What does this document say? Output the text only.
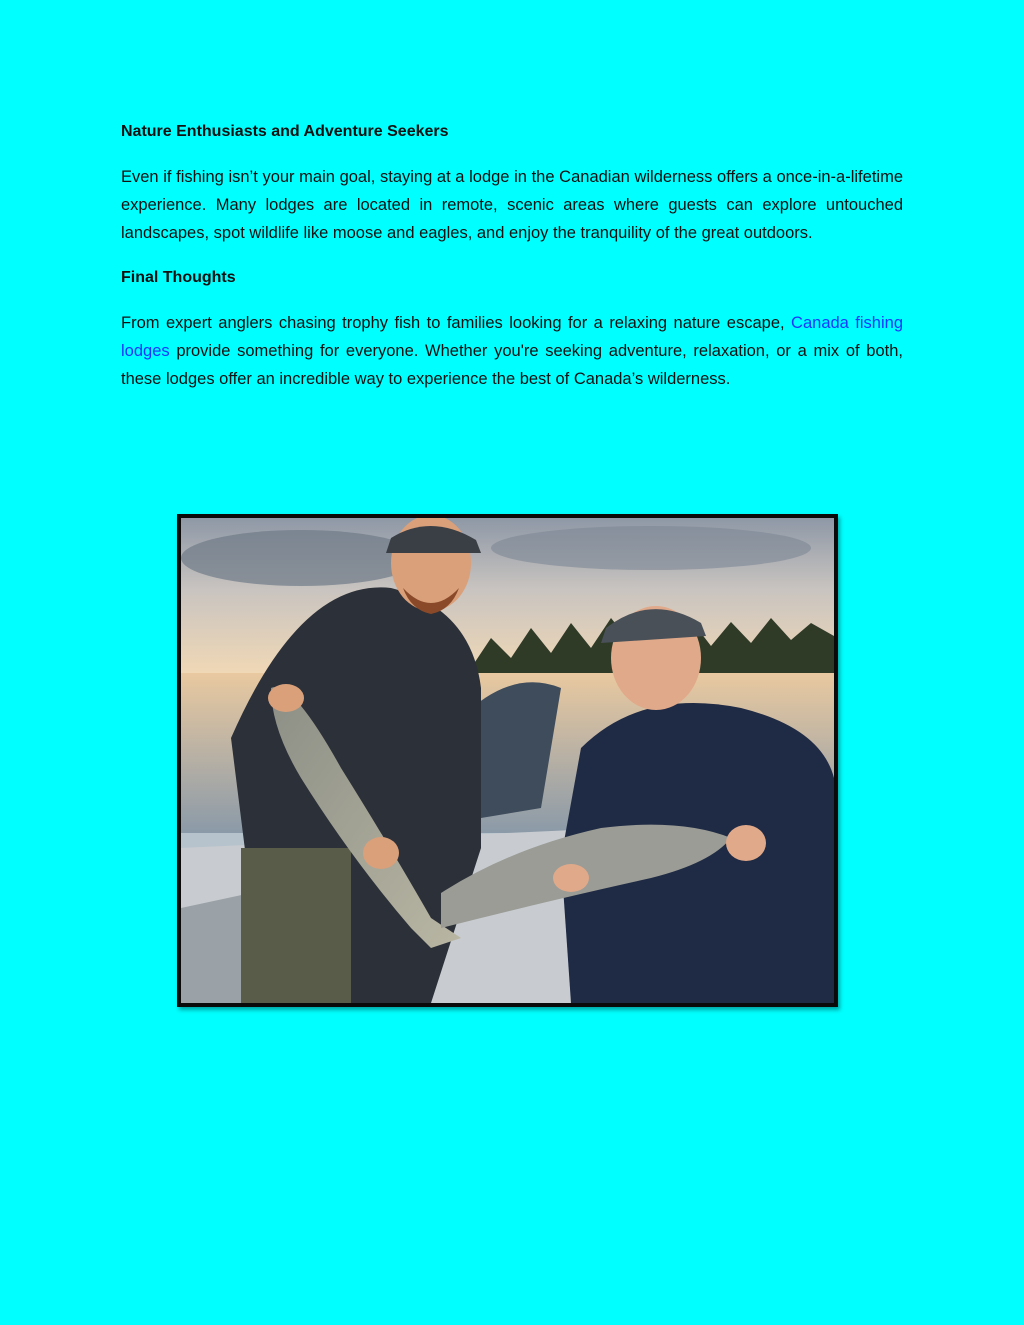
Nature Enthusiasts and Adventure Seekers

Even if fishing isn’t your main goal, staying at a lodge in the Canadian wilderness offers a once-in-a-lifetime experience. Many lodges are located in remote, scenic areas where guests can explore untouched landscapes, spot wildlife like moose and eagles, and enjoy the tranquility of the great outdoors.

Final Thoughts

From expert anglers chasing trophy fish to families looking for a relaxing nature escape, Canada fishing lodges provide something for everyone. Whether you're seeking adventure, relaxation, or a mix of both, these lodges offer an incredible way to experience the best of Canada’s wilderness.
